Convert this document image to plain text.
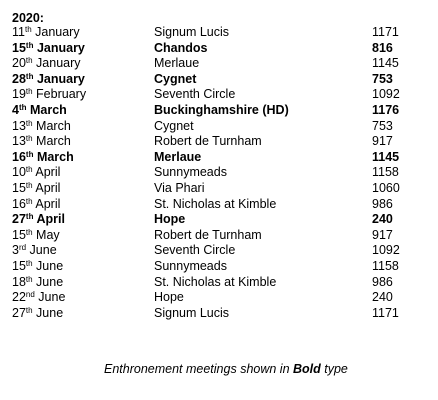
2020:
11th January	Signum Lucis	1171
15th January	Chandos	816
20th January	Merlaue	1145
28th January	Cygnet	753
19th February	Seventh Circle	1092
4th March	Buckinghamshire (HD)	1176
13th March	Cygnet	753
13th March	Robert de Turnham	917
16th March	Merlaue	1145
10th April	Sunnymeads	1158
15th April	Via Phari	1060
16th April	St. Nicholas at Kimble	986
27th April	Hope	240
15th May	Robert de Turnham	917
3rd June	Seventh Circle	1092
15th June	Sunnymeads	1158
18th June	St. Nicholas at Kimble	986
22nd June	Hope	240
27th June	Signum Lucis	1171
Enthronement meetings shown in Bold type
